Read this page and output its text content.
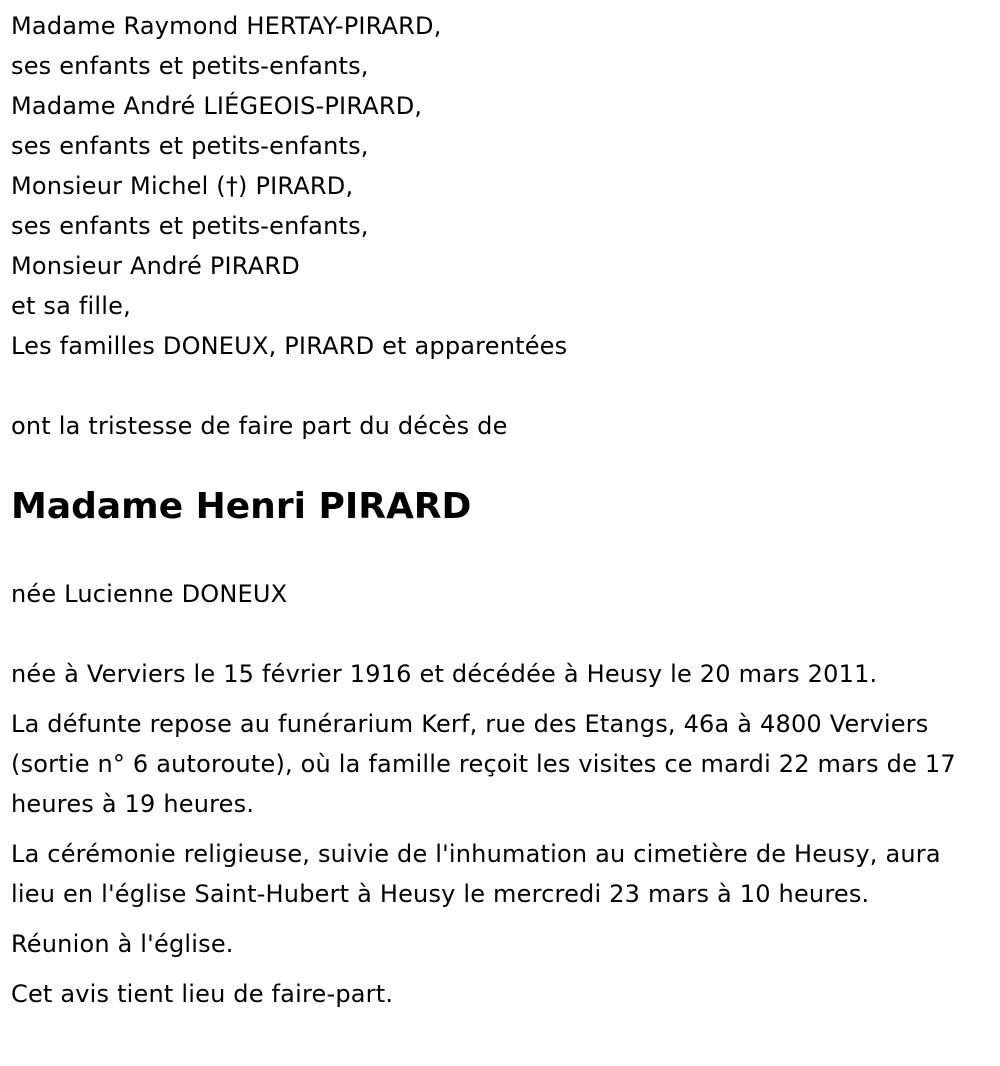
Madame Raymond HERTAY-PIRARD,
ses enfants et petits-enfants,
Madame André LIÉGEOIS-PIRARD,
ses enfants et petits-enfants,
Monsieur Michel (†) PIRARD,
ses enfants et petits-enfants,
Monsieur André PIRARD
et sa fille,
Les familles DONEUX, PIRARD et apparentées
ont la tristesse de faire part du décès de
Madame Henri PIRARD
née Lucienne DONEUX

née à Verviers le 15 février 1916 et décédée à Heusy le 20 mars 2011.

La défunte repose au funérarium Kerf, rue des Etangs, 46a à 4800 Verviers (sortie n° 6 autoroute), où la famille reçoit les visites ce mardi 22 mars de 17 heures à 19 heures.

La cérémonie religieuse, suivie de l'inhumation au cimetière de Heusy, aura lieu en l'église Saint-Hubert à Heusy le mercredi 23 mars à 10 heures.

Réunion à l'église.

Cet avis tient lieu de faire-part.
